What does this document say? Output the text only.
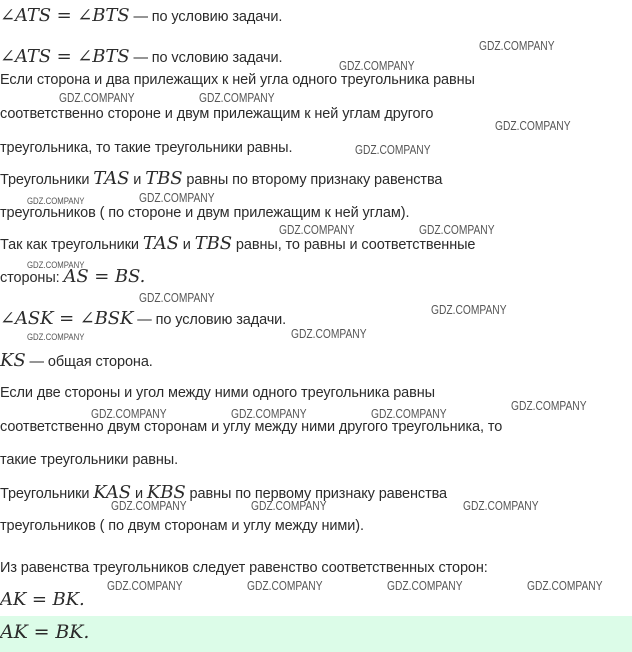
∠ATS = ∠BTS — по условию задачи.
∠ATS = ∠BTS — по vсловию задачи.
Если сторона и два прилежащих к ней угла одного треугольника равны
соответственно стороне и двум прилежащим к ней углам другого
треугольника, то такие треугольники равны.
Треугольники TAS и TBS равны по второму признаку равенства
треугольников ( по стороне и двум прилежащим к ней углам).
Так как треугольники TAS и TBS равны, то равны и соответственные
стороны: AS = BS.
∠ASK = ∠BSK — по условию задачи.
KS — общая сторона.
Если две стороны и угол между ними одного треугольника равны
соответственно двум сторонам и углу между ними другого треугольника, то
такие треугольники равны.
Треугольники KAS и KBS равны по первому признаку равенства
треугольников ( по двум сторонам и углу между ними).
Из равенства треугольников следует равенство соответственных сторон:
AK = BK.
AK = BK.
GDZ.COMPANY
GDZ.COMPANY
GDZ.COMPANY	GDZ.COMPANY
GDZ.COMPANY
GDZ.COMPANY
GDZ.COMPANY	GDZ.COMPANY
GDZ.COMPANY	GDZ.COMPANY
GDZ.COMPANY
GDZ.COMPANY
GDZ.COMPANY
GDZ.COMPANY	GDZ.COMPANY
GDZ.COMPANY
GDZ.COMPANY	GDZ.COMPANY	GDZ.COMPANY
GDZ.COMPANY	GDZ.COMPANY	GDZ.COMPANY
GDZ.COMPANY	GDZ.COMPANY	GDZ.COMPANY	GDZ.COMPANY
